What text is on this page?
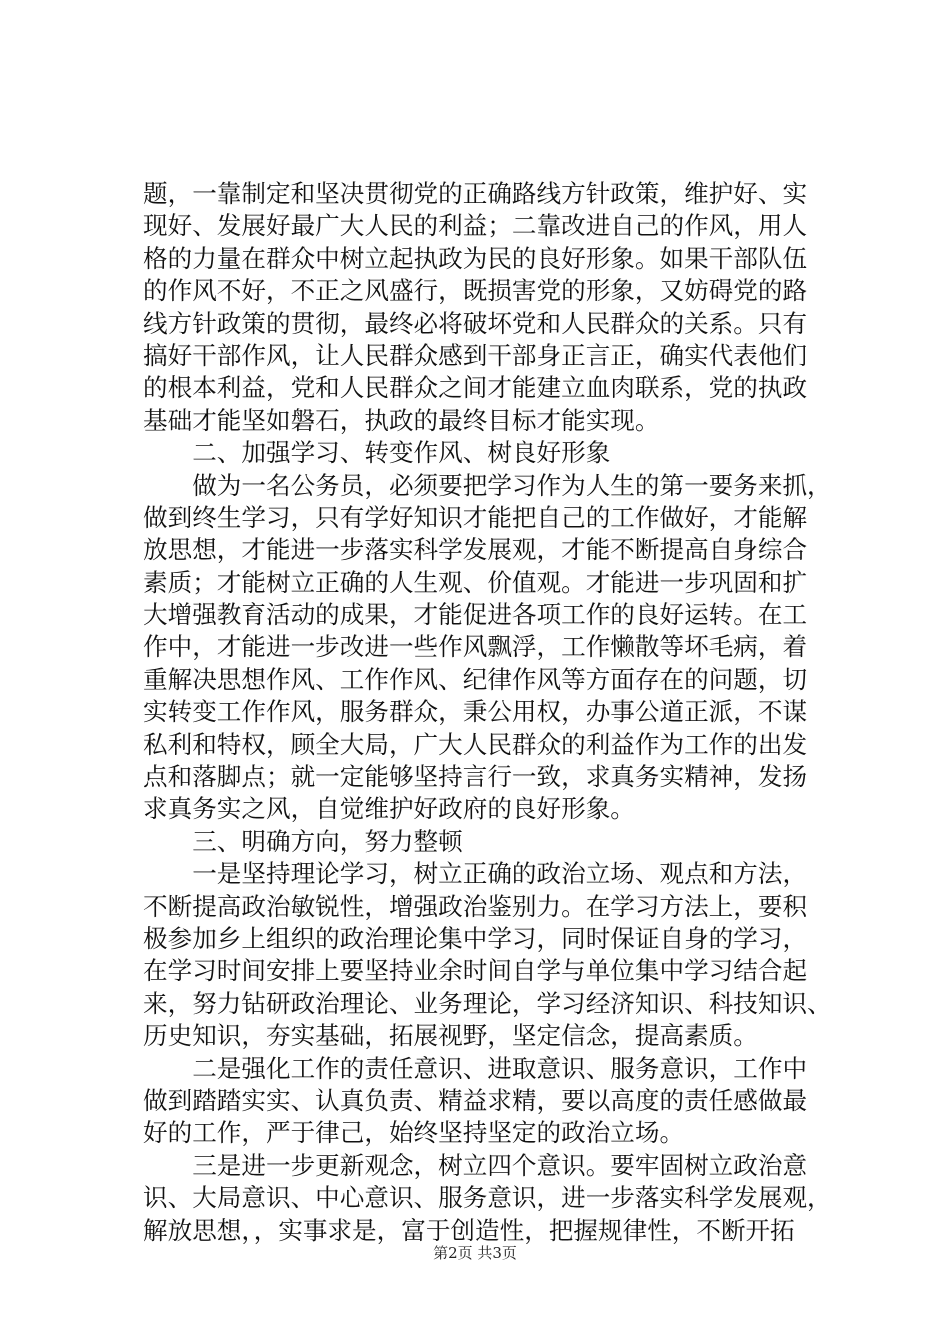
题，一靠制定和坚决贯彻党的正确路线方针政策，维护好、实
现好、发展好最广大人民的利益；二靠改进自己的作风，用人
格的力量在群众中树立起执政为民的良好形象。如果干部队伍
的作风不好，不正之风盛行，既损害党的形象，又妨碍党的路
线方针政策的贯彻，最终必将破坏党和人民群众的关系。只有
搞好干部作风，让人民群众感到干部身正言正，确实代表他们
的根本利益，党和人民群众之间才能建立血肉联系，党的执政
基础才能坚如磐石，执政的最终目标才能实现。
　　二、加强学习、转变作风、树良好形象
　　做为一名公务员，必须要把学习作为人生的第一要务来抓，
做到终生学习，只有学好知识才能把自己的工作做好，才能解
放思想，才能进一步落实科学发展观，才能不断提高自身综合
素质；才能树立正确的人生观、价值观。才能进一步巩固和扩
大增强教育活动的成果，才能促进各项工作的良好运转。在工
作中，才能进一步改进一些作风飘浮，工作懒散等坏毛病，着
重解决思想作风、工作作风、纪律作风等方面存在的问题，切
实转变工作作风，服务群众，秉公用权，办事公道正派，不谋
私利和特权，顾全大局，广大人民群众的利益作为工作的出发
点和落脚点；就一定能够坚持言行一致，求真务实精神，发扬
求真务实之风，自觉维护好政府的良好形象。
　　三、明确方向，努力整顿
　　一是坚持理论学习，树立正确的政治立场、观点和方法，
不断提高政治敏锐性，增强政治鉴别力。在学习方法上，要积
极参加乡上组织的政治理论集中学习，同时保证自身的学习，
在学习时间安排上要坚持业余时间自学与单位集中学习结合起
来，努力钻研政治理论、业务理论，学习经济知识、科技知识、
历史知识，夯实基础，拓展视野，坚定信念，提高素质。
　　二是强化工作的责任意识、进取意识、服务意识，工作中
做到踏踏实实、认真负责、精益求精，要以高度的责任感做最
好的工作，严于律己，始终坚持坚定的政治立场。
　　三是进一步更新观念，树立四个意识。要牢固树立政治意
识、大局意识、中心意识、服务意识，进一步落实科学发展观，
解放思想，，实事求是，富于创造性，把握规律性，不断开拓
第2页 共3页
